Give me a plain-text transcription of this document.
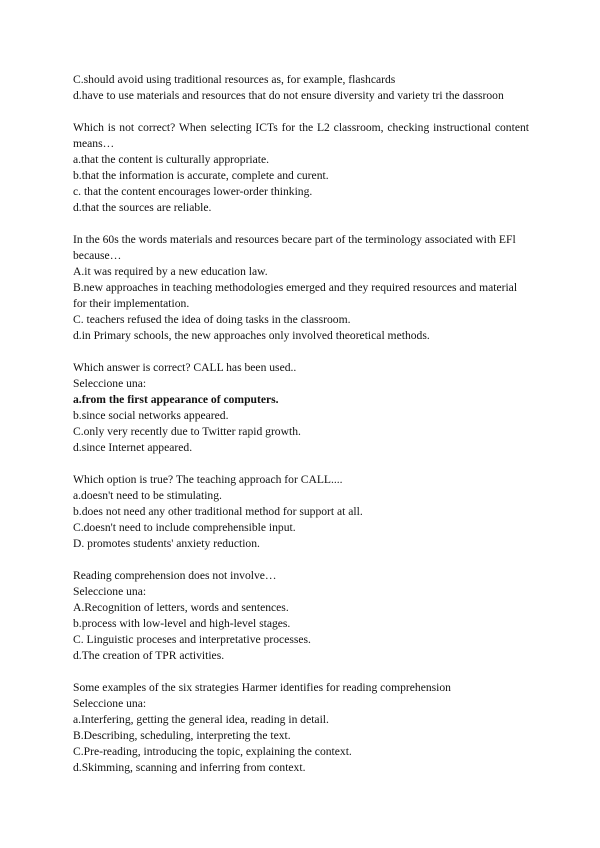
C.should avoid using traditional resources as, for example, flashcards
d.have to use materials and resources that do not ensure diversity and variety tri the dassroon
Which is not correct? When selecting ICTs for the L2 classroom, checking instructional content means…
a.that the content is culturally appropriate.
b.that the information is accurate, complete and curent.
c. that the content encourages lower-order thinking.
d.that the sources are reliable.
In the 60s the words materials and resources becare part of the terminology associated with EFl because…
A.it was required by a new education law.
B.new approaches in teaching methodologies emerged and they required resources and material for their implementation.
C. teachers refused the idea of doing tasks in the classroom.
d.in Primary schools, the new approaches only involved theoretical methods.
Which answer is correct? CALL has been used..
Seleccione una:
a.from the first appearance of computers.
b.since social networks appeared.
C.only very recently due to Twitter rapid growth.
d.since Internet appeared.
Which option is true? The teaching approach for CALL....
a.doesn't need to be stimulating.
b.does not need any other traditional method for support at all.
C.doesn't need to include comprehensible input.
D. promotes students' anxiety reduction.
Reading comprehension does not involve…
Seleccione una:
A.Recognition of letters, words and sentences.
b.process with low-level and high-level stages.
C. Linguistic proceses and interpretative processes.
d.The creation of TPR activities.
Some examples of the six strategies Harmer identifies for reading comprehension
Seleccione una:
a.Interfering, getting the general idea, reading in detail.
B.Describing, scheduling, interpreting the text.
C.Pre-reading, introducing the topic, explaining the context.
d.Skimming, scanning and inferring from context.
